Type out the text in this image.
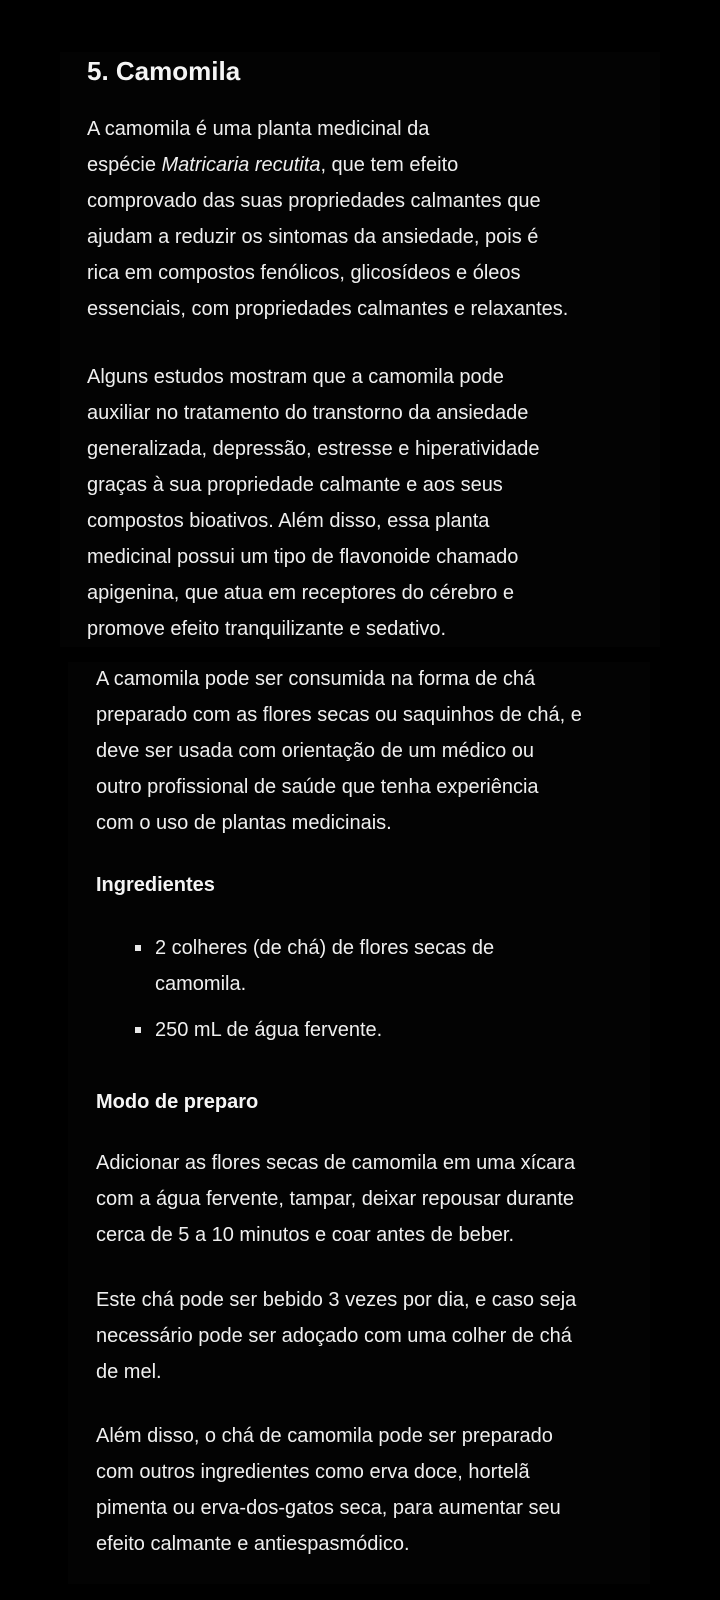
5. Camomila

A camomila é uma planta medicinal da
espécie Matricaria recutita, que tem efeito
comprovado das suas propriedades calmantes que
ajudam a reduzir os sintomas da ansiedade, pois é
rica em compostos fenólicos, glicosídeos e óleos
essenciais, com propriedades calmantes e relaxantes.

Alguns estudos mostram que a camomila pode
auxiliar no tratamento do transtorno da ansiedade
generalizada, depressão, estresse e hiperatividade
graças à sua propriedade calmante e aos seus
compostos bioativos. Além disso, essa planta
medicinal possui um tipo de flavonoide chamado
apigenina, que atua em receptores do cérebro e
promove efeito tranquilizante e sedativo.

A camomila pode ser consumida na forma de chá
preparado com as flores secas ou saquinhos de chá, e
deve ser usada com orientação de um médico ou
outro profissional de saúde que tenha experiência
com o uso de plantas medicinais.

Ingredientes
2 colheres (de chá) de flores secas de
camomila.
250 mL de água fervente.
Modo de preparo

Adicionar as flores secas de camomila em uma xícara
com a água fervente, tampar, deixar repousar durante
cerca de 5 a 10 minutos e coar antes de beber.

Este chá pode ser bebido 3 vezes por dia, e caso seja
necessário pode ser adoçado com uma colher de chá
de mel.

Além disso, o chá de camomila pode ser preparado
com outros ingredientes como erva doce, hortelã
pimenta ou erva-dos-gatos seca, para aumentar seu
efeito calmante e antiespasmódico.
